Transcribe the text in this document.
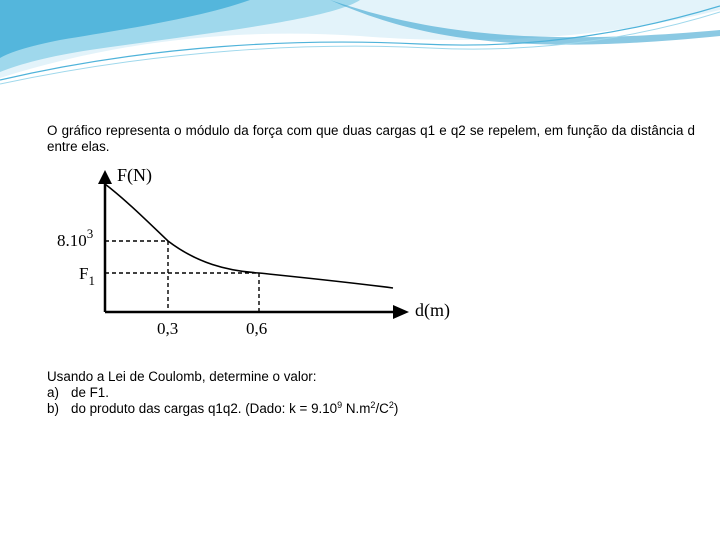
O gráfico representa o módulo da força com que duas cargas q1 e q2 se repelem, em função da distância d entre elas.
F(N)
d(m)
8.10$^3$
$F_1$
0,3	0,6
Usando a Lei de Coulomb, determine o valor:
a) de F1.
b) do produto das cargas q1q2. (Dado: $k = 9.10^9$ $N.m^2/C^2$)
